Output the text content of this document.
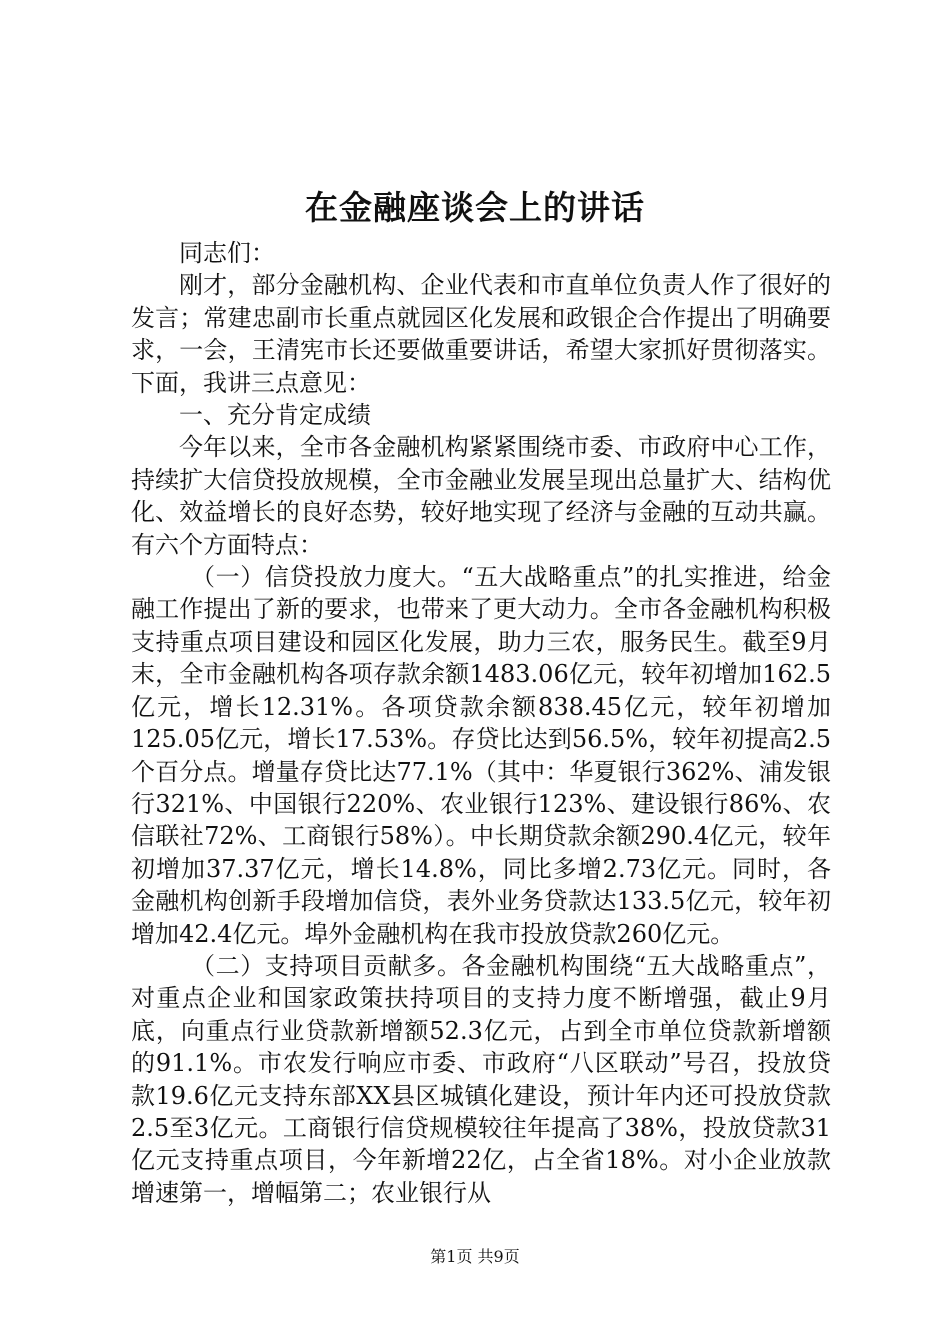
在金融座谈会上的讲话

同志们：

刚才，部分金融机构、企业代表和市直单位负责人作了很好的发言；常建忠副市长重点就园区化发展和政银企合作提出了明确要求，一会，王清宪市长还要做重要讲话，希望大家抓好贯彻落实。下面，我讲三点意见：

一、充分肯定成绩

今年以来，全市各金融机构紧紧围绕市委、市政府中心工作，持续扩大信贷投放规模，全市金融业发展呈现出总量扩大、结构优化、效益增长的良好态势，较好地实现了经济与金融的互动共赢。有六个方面特点：

（一）信贷投放力度大。“五大战略重点”的扎实推进，给金融工作提出了新的要求，也带来了更大动力。全市各金融机构积极支持重点项目建设和园区化发展，助力三农，服务民生。截至9月末，全市金融机构各项存款余额1483.06亿元，较年初增加162.5亿元，增长12.31%。各项贷款余额838.45亿元，较年初增加125.05亿元，增长17.53%。存贷比达到56.5%，较年初提高2.5个百分点。增量存贷比达77.1%（其中：华夏银行362%、浦发银行321%、中国银行220%、农业银行123%、建设银行86%、农信联社72%、工商银行58%）。中长期贷款余额290.4亿元，较年初增加37.37亿元，增长14.8%，同比多增2.73亿元。同时，各金融机构创新手段增加信贷，表外业务贷款达133.5亿元，较年初增加42.4亿元。埠外金融机构在我市投放贷款260亿元。

（二）支持项目贡献多。各金融机构围绕“五大战略重点”，对重点企业和国家政策扶持项目的支持力度不断增强，截止9月底，向重点行业贷款新增额52.3亿元，占到全市单位贷款新增额的91.1%。市农发行响应市委、市政府“八区联动”号召，投放贷款19.6亿元支持东部XX县区城镇化建设，预计年内还可投放贷款2.5至3亿元。工商银行信贷规模较往年提高了38%，投放贷款31亿元支持重点项目，今年新增22亿，占全省18%。对小企业放款增速第一，增幅第二；农业银行从

第1页 共9页
